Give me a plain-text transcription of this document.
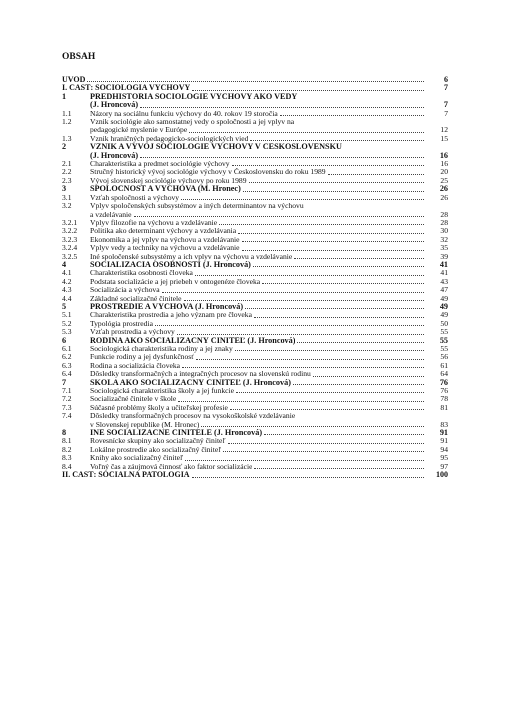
OBSAH
ÚVOD	6
I. ČASŤ: SOCIOLÓGIA VÝCHOVY	7
1	PREDHISTÓRIA SOCIOLÓGIE VÝCHOVY AKO VEDY
(J. Hroncová)	7
1.1	Názory na sociálnu funkciu výchovy do 40. rokov 19 storočia	7
1.2	Vznik sociológie ako samostatnej vedy o spoločnosti a jej vplyv na
pedagogické myslenie v Európe	12
1.3	Vznik hraničných pedagogicko-sociologických vied	15
2	VZNIK A VÝVOJ SOCIOLÓGIE VÝCHOVY V ČESKOSLOVENSKU
(J. Hroncová)	16
2.1	Charakteristika a predmet sociológie výchovy	16
2.2	Stručný historický vývoj sociológie výchovy v Československu do roku 1989	20
2.3	Vývoj slovenskej sociológie výchovy po roku 1989	25
3	SPOLOČNOSŤ A VÝCHOVA (M. Hronec)	26
3.1	Vzťah spoločnosti a výchovy	26
3.2	Vplyv spoločenských subsystémov a iných determinantov na výchovu
a vzdelávanie	28
3.2.1	Vplyv filozofie na výchovu a vzdelávanie	28
3.2.2	Politika ako determinant výchovy a vzdelávania	30
3.2.3	Ekonomika a jej vplyv na výchovu a vzdelávanie	32
3.2.4	Vplyv vedy a techniky na výchovu a vzdelávanie	35
3.2.5	Iné spoločenské subsystémy a ich vplyv na výchovu a vzdelávanie	39
4	SOCIALIZÁCIA OSOBNOSTI (J. Hroncová)	41
4.1	Charakteristika osobnosti človeka	41
4.2	Podstata socializácie a jej priebeh v ontogenéze človeka	43
4.3	Socializácia a výchova	47
4.4	Základné socializačné činitele	49
5	PROSTREDIE A VÝCHOVA (J. Hroncová)	49
5.1	Charakteristika prostredia a jeho význam pre človeka	49
5.2	Typológia prostredia	50
5.3	Vzťah prostredia a výchovy	55
6	RODINA AKO SOCIALIZAČNÝ ČINITEĽ (J. Hroncová)	55
6.1	Sociologická charakteristika rodiny a jej znaky	55
6.2	Funkcie rodiny a jej dysfunkčnosť	56
6.3	Rodina a socializácia človeka	61
6.4	Dôsledky transformačných a integračných procesov na slovenskú rodinu	64
7	ŠKOLA AKO SOCIALIZAČNÝ ČINITEĽ (J. Hroncová)	76
7.1	Sociologická charakteristika školy a jej funkcie	76
7.2	Socializačné činitele v škole	78
7.3	Súčasné problémy školy a učiteľskej profesie	81
7.4	Dôsledky transformačných procesov na vysokoškolské vzdelávanie
v Slovenskej republike (M. Hronec)	83
8	INÉ SOCIALIZAČNÉ ČINITELE (J. Hroncová)	91
8.1	Rovesnícke skupiny ako socializačný činiteľ	91
8.2	Lokálne prostredie ako socializačný činiteľ	94
8.3	Knihy ako socializačný činiteľ	95
8.4	Voľný čas a záujmová činnosť ako faktor socializácie	97
II. ČASŤ: SOCIÁLNA PATOLÓGIA	100
